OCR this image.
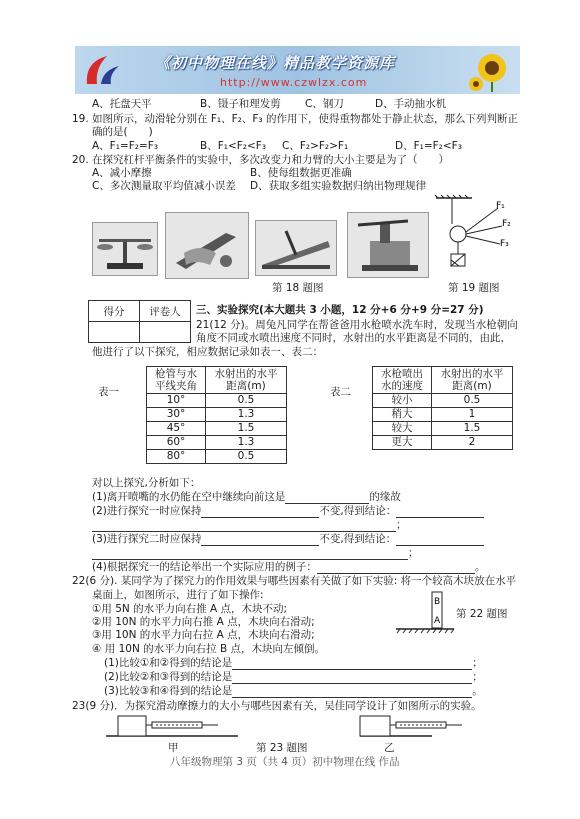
《初中物理在线》精品教学资源库
http://www.czwlzx.com
A、托盘天平	B、镊子和理发剪 C、钢刀	D、手动抽水机
19. 如图所示，动滑轮分别在 F₁、F₂、F₃ 的作用下，使得重物都处于静止状态，那么下列判断正
确的是(　　)
A、F₁=F₂=F₃	B、F₁<F₂<F₃ C、F₂>F₂>F₁	D、F₁=F₂<F₃
20. 在探究杠杆平衡条件的实验中，多次改变力和力臂的大小主要是为了（　　）
A、减小摩擦	B、使每组数据更准确
C、多次测量取平均值减小误差 D、获取多组实验数据归纳出物理规律
第 18 题图
F₁
F₂
F₃
第 19 题图
得分	评卷人
	三、实验探究(本大题共 3 小题，12 分+6 分+9 分=27 分)
21(12 分)。周兔凡同学在帮爸爸用水枪喷水洗车时，发现当水枪朝向
角度不同或水喷出速度不同时，水射出的水平距离是不同的，由此，
他进行了以下探究，相应数据记录如表一、表二：
表一
枪管与水平线夹角	水射出的水平距离(m)
10°	0.5
30°	1.3
45°	1.5
60°	1.3
80°	0.5
表二
水枪喷出水的速度	水射出的水平距离(m)
较小	0.5
稍大	1
较大	1.5
更大	2
对以上探究,分析如下：
(1)离开喷嘴的水仍能在空中继续向前这是	的缘故
(2)进行探究一时应保持	不变,得到结论：
；
(3)进行探究二时应保持	不变,得到结论：
；
(4)根据探究一的结论举出一个实际应用的例子：	。
22(6 分). 某同学为了探究力的作用效果与哪些因素有关做了如下实验: 将一个较高木块放在水平
桌面上，如图所示，进行了如下操作:
①用 5N 的水平力向右推 A 点，木块不动;
②用 10N 的水平力向右推 A 点，木块向右滑动;
③用 10N 的水平力向右拉 A 点，木块向右滑动;
④ 用 10N 的水平力向右拉 B 点，木块向左倾倒。
B
A
第 22 题图
(1)比较①和②得到的结论是	；
(2)比较②和③得到的结论是	；
(3)比较③和④得到的结论是	。
23(9 分)．为探究滑动摩擦力的大小与哪些因素有关，吴佳同学设计了如图所示的实验。
甲	第 23 题图	乙
八年级物理第 3 页（共 4 页）初中物理在线 作品
